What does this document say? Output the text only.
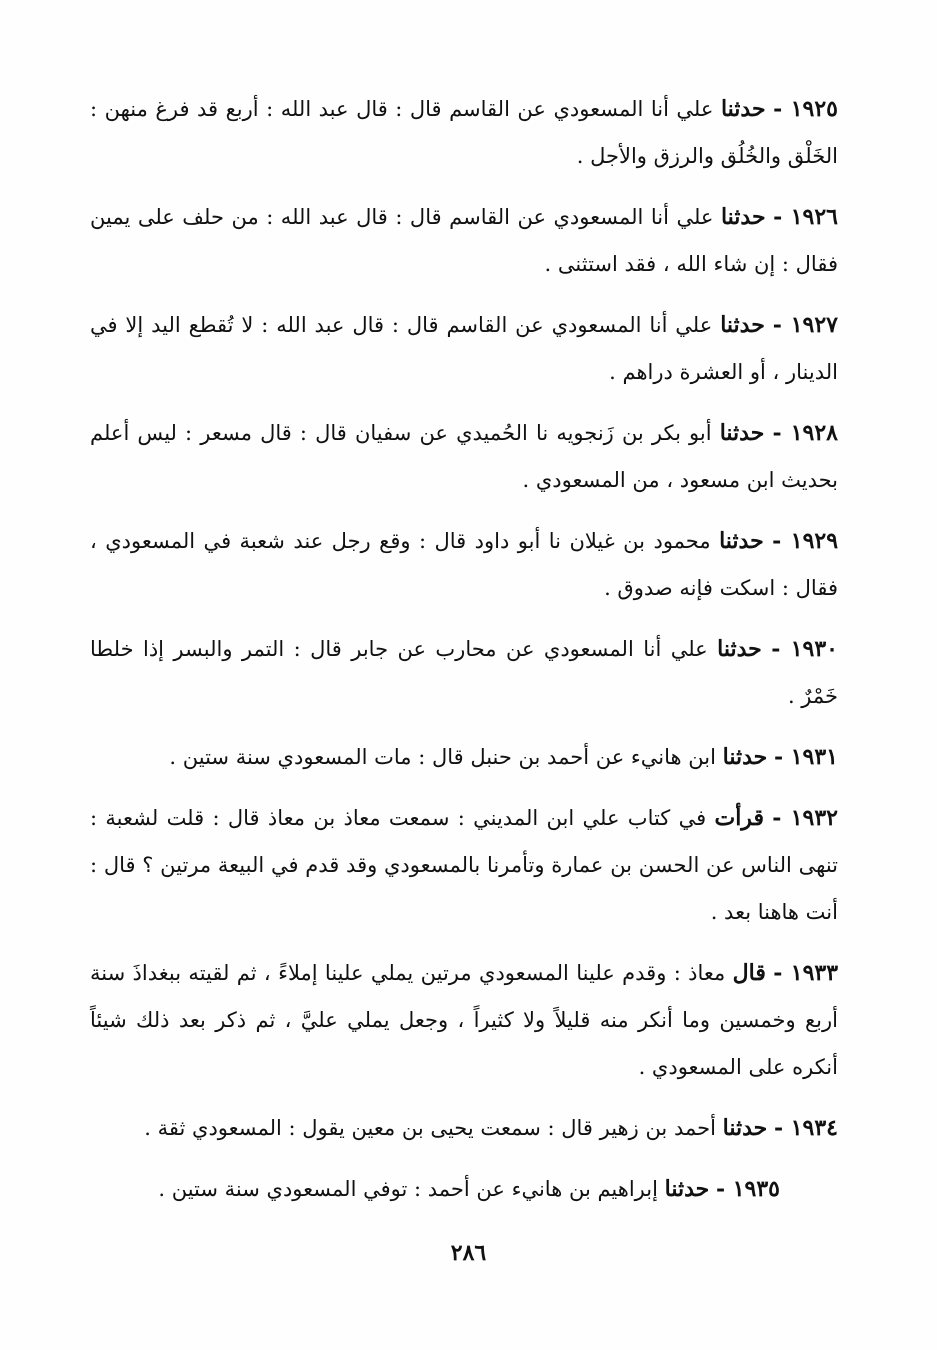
١٩٢٥ - حدثنا علي أنا المسعودي عن القاسم قال : قال عبد الله : أربع قد فرغ منهن : الخَلْق والخُلُق والرزق والأجل .

١٩٢٦ - حدثنا علي أنا المسعودي عن القاسم قال : قال عبد الله : من حلف على يمين فقال : إن شاء الله ، فقد استثنى .

١٩٢٧ - حدثنا علي أنا المسعودي عن القاسم قال : قال عبد الله : لا تُقطع اليد إلا في الدينار ، أو العشرة دراهم .

١٩٢٨ - حدثنا أبو بكر بن زَنجويه نا الحُميدي عن سفيان قال : قال مسعر : ليس أعلم بحديث ابن مسعود ، من المسعودي .

١٩٢٩ - حدثنا محمود بن غيلان نا أبو داود قال : وقع رجل عند شعبة في المسعودي ، فقال : اسكت فإنه صدوق .

١٩٣٠ - حدثنا علي أنا المسعودي عن محارب عن جابر قال : التمر والبسر إذا خلطا خَمْرٌ .

١٩٣١ - حدثنا ابن هانيء عن أحمد بن حنبل قال : مات المسعودي سنة ستين .

١٩٣٢ - قرأت في كتاب علي ابن المديني : سمعت معاذ بن معاذ قال : قلت لشعبة : تنهى الناس عن الحسن بن عمارة وتأمرنا بالمسعودي وقد قدم في البيعة مرتين ؟ قال : أنت هاهنا بعد .

١٩٣٣ - قال معاذ : وقدم علينا المسعودي مرتين يملي علينا إملاءً ، ثم لقيته ببغداذَ سنة أربع وخمسين وما أنكر منه قليلاً ولا كثيراً ، وجعل يملي عليَّ ، ثم ذكر بعد ذلك شيئاً أنكره على المسعودي .

١٩٣٤ - حدثنا أحمد بن زهير قال : سمعت يحيى بن معين يقول : المسعودي ثقة .

١٩٣٥ - حدثنا إبراهيم بن هانيء عن أحمد : توفي المسعودي سنة ستين .

٢٨٦
